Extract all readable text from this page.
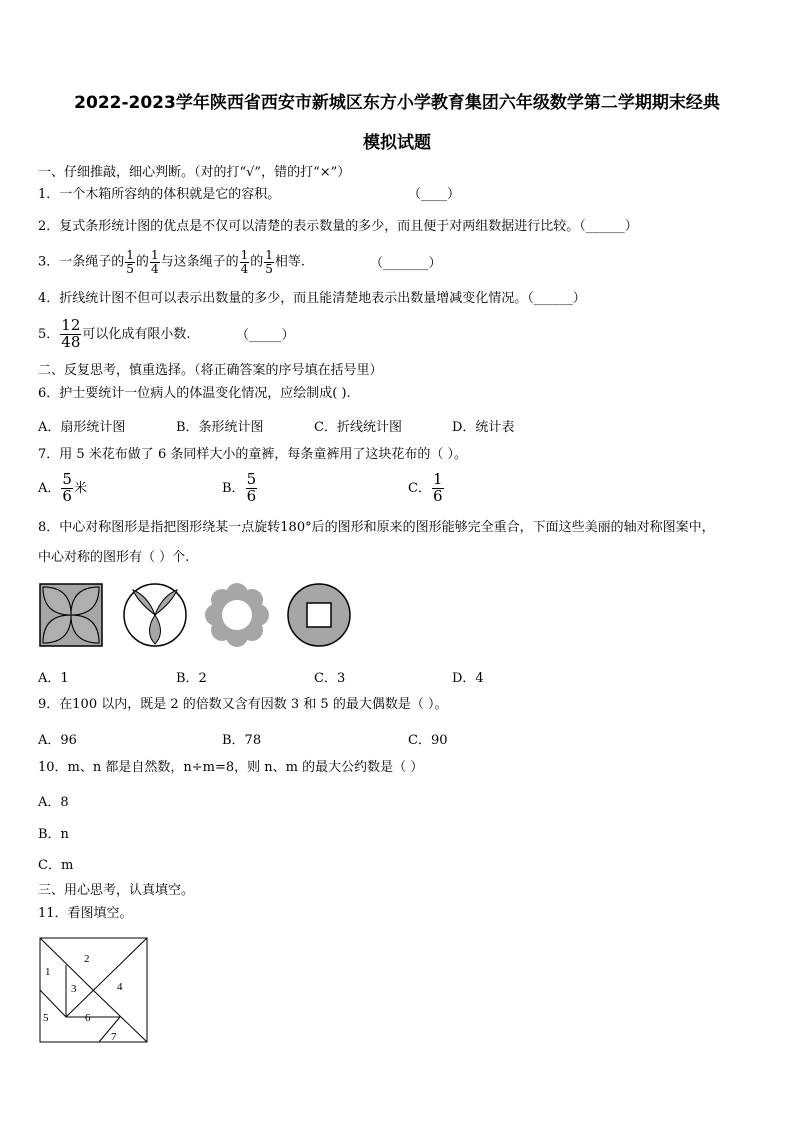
2022-2023学年陕西省西安市新城区东方小学教育集团六年级数学第二学期期末经典
模拟试题
一、仔细推敲，细心判断。（对的打“√”，错的打“×”）
1．一个木箱所容纳的体积就是它的容积。	（____）
2．复式条形统计图的优点是不仅可以清楚的表示数量的多少，而且便于对两组数据进行比较。（______）
3．一条绳子的 $\frac{1}{5}$ 的 $\frac{1}{4}$ 与这条绳子的 $\frac{1}{4}$ 的 $\frac{1}{5}$ 相等.	（_______）
4．折线统计图不但可以表示出数量的多少，而且能清楚地表示出数量增减变化情况。（______）
5． $\frac{12}{48}$ 可以化成有限小数.	（_____）
二、反复思考，慎重选择。（将正确答案的序号填在括号里）
6．护士要统计一位病人的体温变化情况，应绘制成( ).
A．扇形统计图	B．条形统计图	C．折线统计图	D．统计表
7．用 5 米花布做了 6 条同样大小的童裤，每条童裤用了这块花布的（ ）。
A． $\frac{5}{6}$ 米	B． $\frac{5}{6}$	C． $\frac{1}{6}$
8．中心对称图形是指把图形绕某一点旋转180°后的图形和原来的图形能够完全重合，下面这些美丽的轴对称图案中，
中心对称的图形有（ ）个.
A．1	B．2	C．3	D．4
9．在100 以内，既是 2 的倍数又含有因数 3 和 5 的最大偶数是（ ）。
A．96	B．78	C．90
10．m、n 都是自然数，n÷m=8，则 n、m 的最大公约数是（ ）
A．8
B．n
C．m
三、用心思考，认真填空。
11．看图填空。
1
2
3	4
5	6
7
